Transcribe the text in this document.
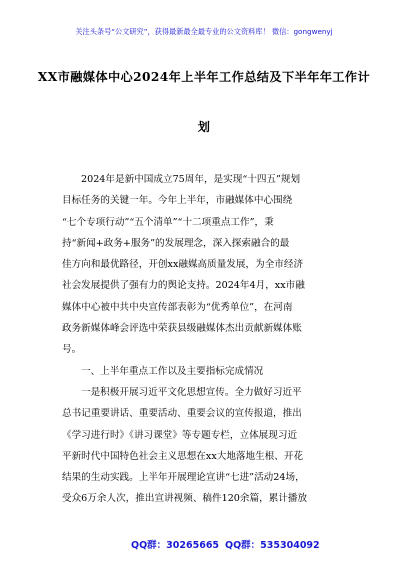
关注头条号“公文研究”，获得最新最全最专业的公文资料库！ 微信：gongwenyj
XX市融媒体中心2024年上半年工作总结及下半年年工作计
划
2024年是新中国成立75周年，是实现“十四五”规划
目标任务的关键一年。今年上半年，市融媒体中心围绕
“七个专项行动”“五个清单”“十二项重点工作”，秉
持“新闻+政务+服务”的发展理念，深入探索融合的最
佳方向和最优路径，开创xx融媒高质量发展，为全市经济
社会发展提供了强有力的舆论支持。2024年4月，xx市融
媒体中心被中共中央宣传部表彰为“优秀单位”，在河南
政务新媒体峰会评选中荣获县级融媒体杰出贡献新媒体账
号。
一、上半年重点工作以及主要指标完成情况
一是积极开展习近平文化思想宣传。全力做好习近平
总书记重要讲话、重要活动、重要会议的宣传报道，推出
《学习进行时》《讲习课堂》等专题专栏，立体展现习近
平新时代中国特色社会主义思想在xx大地落地生根、开花
结果的生动实践。上半年开展理论宣讲“七进”活动24场，
受众6万余人次，推出宣讲视频、稿件120余篇，累计播放
QQ群：30265665 QQ群：535304092
